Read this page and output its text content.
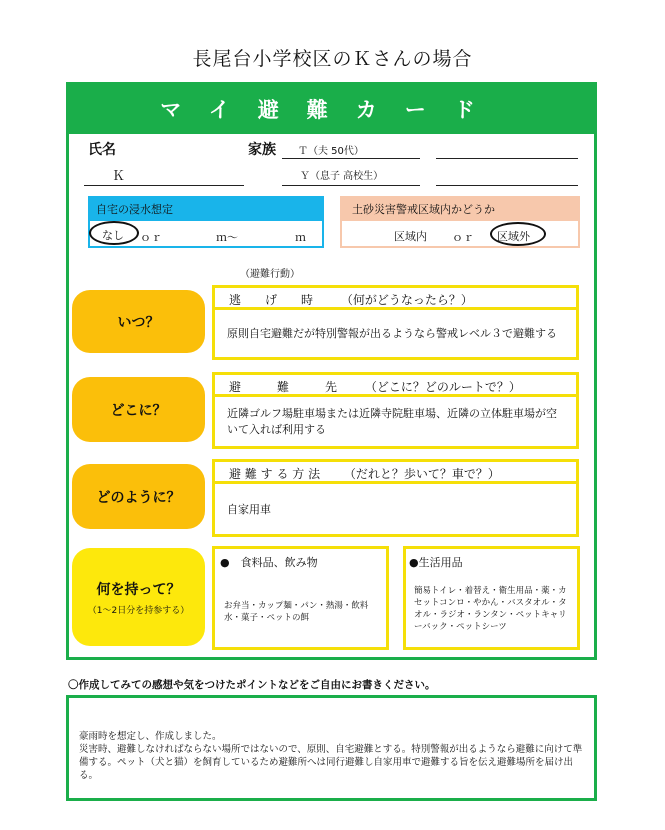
長尾台小学校区のＫさんの場合
マイ避難カード
氏名
Ｋ
家族 Ｔ（夫 50代）
Ｙ（息子 高校生）
自宅の浸水想定
なし ｏｒ	ｍ～	ｍ
土砂災害警戒区域内かどうか
区域内 ｏｒ 区域外
（避難行動）
いつ？
逃　　げ　　時 （何がどうなったら？）
原則自宅避難だが特別警報が出るようなら警戒レベル３で避難する
どこに？
避　　　難　　　先 （どこに？どのルートで？）
近隣ゴルフ場駐車場または近隣寺院駐車場、近隣の立体駐車場が空いて入れば利用する
どのように？
避 難 す る 方 法 （だれと？歩いて？車で？）
自家用車
何を持って？
（1～2日分を持参する）
●　食料品、飲み物
お弁当・カップ麺・パン・熱湯・飲料水・菓子・ペットの餌
●生活用品
簡易トイレ・着替え・衛生用品・薬・カセットコンロ・やかん・バスタオル・タオル・ラジオ・ランタン・ペットキャリーバック・ペットシーツ
〇作成してみての感想や気をつけたポイントなどをご自由にお書きください。
豪雨時を想定し、作成しました。
災害時、避難しなければならない場所ではないので、原則、自宅避難とする。特別警報が出るようなら避難に向けて準備する。ペット（犬と猫）を飼育しているため避難所へは同行避難し自家用車で避難する旨を伝え避難場所を届け出る。
